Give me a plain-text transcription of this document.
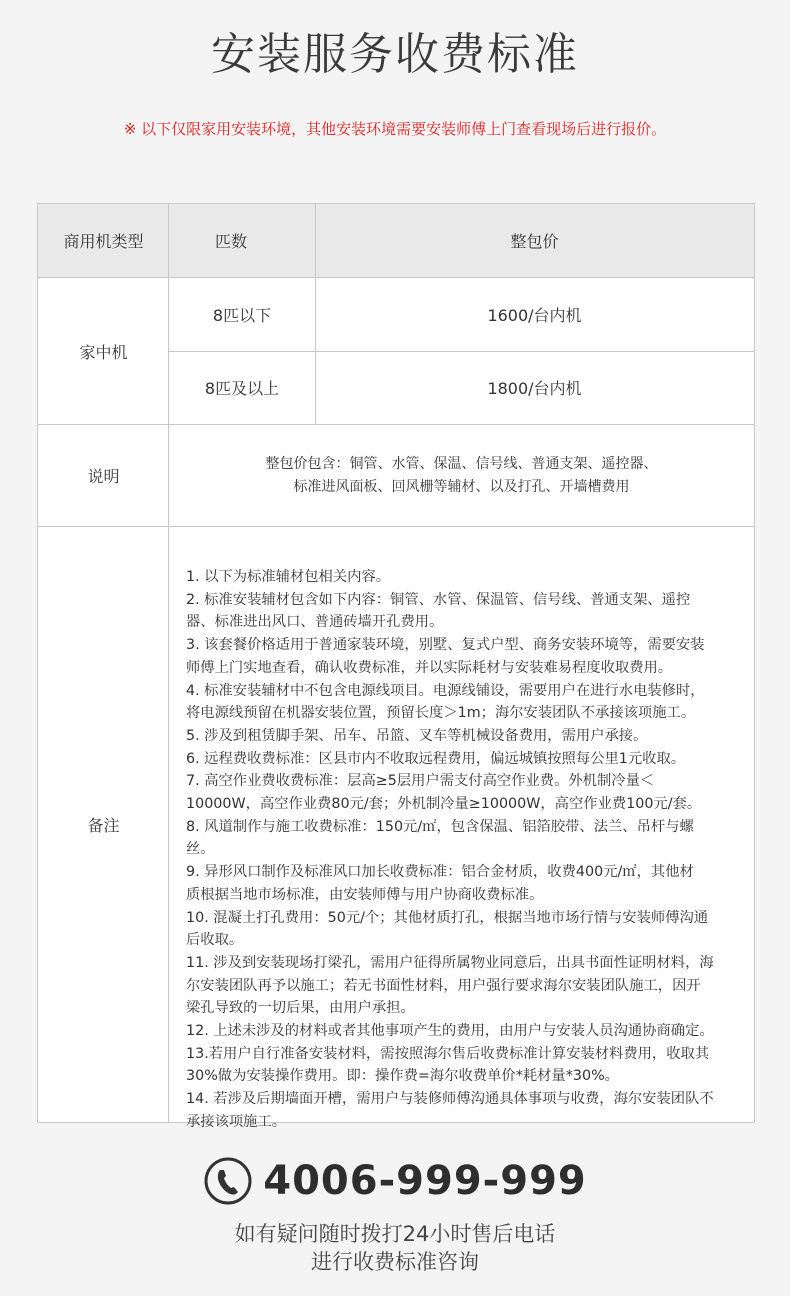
安装服务收费标准
※ 以下仅限家用安装环境，其他安装环境需要安装师傅上门查看现场后进行报价。
商用机类型	匹数	整包价
家中机
8匹以下	1600/台内机
8匹及以上	1800/台内机
说明
整包价包含：铜管、水管、保温、信号线、普通支架、遥控器、
标准进风面板、回风栅等辅材、以及打孔、开墙槽费用
备注
1. 以下为标准辅材包相关内容。
2. 标准安装辅材包含如下内容：铜管、水管、保温管、信号线、普通支架、遥控
器、标准进出风口、普通砖墙开孔费用。
3. 该套餐价格适用于普通家装环境，别墅、复式户型、商务安装环境等，需要安装
师傅上门实地查看，确认收费标准，并以实际耗材与安装难易程度收取费用。
4. 标准安装辅材中不包含电源线项目。电源线铺设，需要用户在进行水电装修时，
将电源线预留在机器安装位置，预留长度＞1m；海尔安装团队不承接该项施工。
5. 涉及到租赁脚手架、吊车、吊篮、叉车等机械设备费用，需用户承接。
6. 远程费收费标准：区县市内不收取远程费用，偏远城镇按照每公里1元收取。
7. 高空作业费收费标准：层高≥5层用户需支付高空作业费。外机制冷量＜
10000W，高空作业费80元/套；外机制冷量≥10000W，高空作业费100元/套。
8. 风道制作与施工收费标准：150元/㎡，包含保温、铝箔胶带、法兰、吊杆与螺
丝。
9. 异形风口制作及标准风口加长收费标准：铝合金材质，收费400元/㎡，其他材
质根据当地市场标准，由安装师傅与用户协商收费标准。
10. 混凝土打孔费用：50元/个；其他材质打孔，根据当地市场行情与安装师傅沟通
后收取。
11. 涉及到安装现场打梁孔，需用户征得所属物业同意后，出具书面性证明材料，海
尔安装团队再予以施工；若无书面性材料，用户强行要求海尔安装团队施工，因开
梁孔导致的一切后果，由用户承担。
12. 上述未涉及的材料或者其他事项产生的费用，由用户与安装人员沟通协商确定。
13.若用户自行准备安装材料，需按照海尔售后收费标准计算安装材料费用，收取其
30%做为安装操作费用。即：操作费=海尔收费单价*耗材量*30%。
14. 若涉及后期墙面开槽，需用户与装修师傅沟通具体事项与收费，海尔安装团队不
承接该项施工。
4006-999-999
如有疑问随时拨打24小时售后电话
进行收费标准咨询
